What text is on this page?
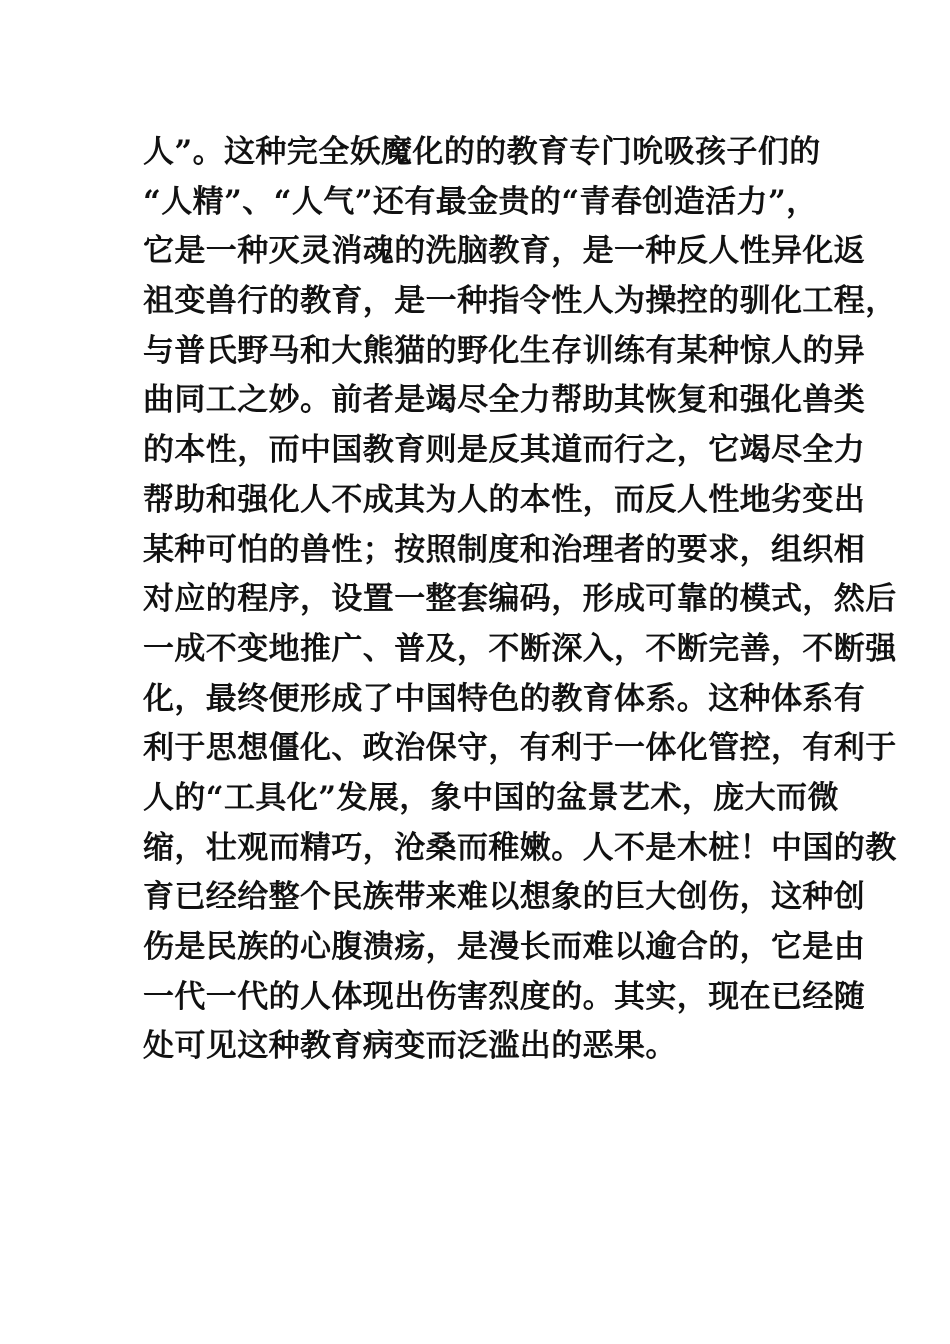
人”。这种完全妖魔化的的教育专门吮吸孩子们的
“人精”、“人气”还有最金贵的“青春创造活力”，
它是一种灭灵消魂的洗脑教育，是一种反人性异化返
祖变兽行的教育，是一种指令性人为操控的驯化工程，
与普氏野马和大熊猫的野化生存训练有某种惊人的异
曲同工之妙。前者是竭尽全力帮助其恢复和强化兽类
的本性，而中国教育则是反其道而行之，它竭尽全力
帮助和强化人不成其为人的本性，而反人性地劣变出
某种可怕的兽性；按照制度和治理者的要求，组织相
对应的程序，设置一整套编码，形成可靠的模式，然后
一成不变地推广、普及，不断深入，不断完善，不断强
化，最终便形成了中国特色的教育体系。这种体系有
利于思想僵化、政治保守，有利于一体化管控，有利于
人的“工具化”发展，象中国的盆景艺术，庞大而微
缩，壮观而精巧，沧桑而稚嫩。人不是木桩！中国的教
育已经给整个民族带来难以想象的巨大创伤，这种创
伤是民族的心腹溃疡，是漫长而难以逾合的，它是由
一代一代的人体现出伤害烈度的。其实，现在已经随
处可见这种教育病变而泛滥出的恶果。
